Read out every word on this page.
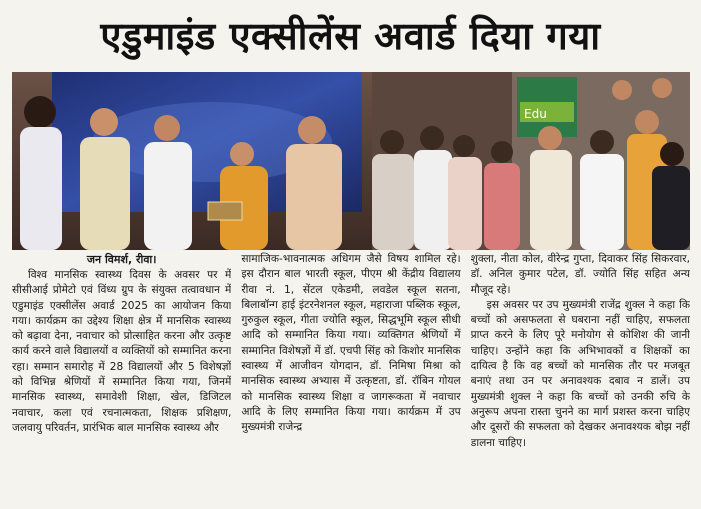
एडुमाइंड एक्सीलेंस अवार्ड दिया गया
Edu
जन विमर्श, रीवा।

विश्व मानसिक स्वास्थ्य दिवस के अवसर पर में सीसीआई प्रोमेटो एवं विंध्य ग्रुप के संयुक्त तत्वावधान में एडुमाइंड एक्सीलेंस अवार्ड 2025 का आयोजन किया गया। कार्यक्रम का उद्देश्य शिक्षा क्षेत्र में मानसिक स्वास्थ्य को बढ़ावा देना, नवाचार को प्रोत्साहित करना और उत्कृष्ट कार्य करने वाले विद्यालयों व व्यक्तियों को सम्मानित करना रहा। सम्मान समारोह में 28 विद्यालयों और 5 विशेषज्ञों को विभिन्न श्रेणियों में सम्मानित किया गया, जिनमें मानसिक स्वास्थ्य, समावेशी शिक्षा, खेल, डिजिटल नवाचार, कला एवं रचनात्मकता, शिक्षक प्रशिक्षण, जलवायु परिवर्तन, प्रारंभिक बाल मानसिक स्वास्थ्य और

सामाजिक-भावनात्मक अधिगम जैसे विषय शामिल रहे। इस दौरान बाल भारती स्कूल, पीएम श्री केंद्रीय विद्यालय रीवा नं. 1, सेंटल एकेडमी, लवडेल स्कूल सतना, बिलाबॉन्ग हाई इंटरनेशनल स्कूल, महाराजा पब्लिक स्कूल, गुरुकुल स्कूल, गीता ज्योति स्कूल, सिद्धभूमि स्कूल सीधी आदि को सम्मानित किया गया। व्यक्तिगत श्रेणियों में सम्मानित विशेषज्ञों में डॉ. एचपी सिंह को किशोर मानसिक स्वास्थ्य में आजीवन योगदान, डॉ. निमिषा मिश्रा को मानसिक स्वास्थ्य अभ्यास में उत्कृष्टता, डॉ. रॉबिन गोयल को मानसिक स्वास्थ्य शिक्षा व जागरूकता में नवाचार आदि के लिए सम्मानित किया गया। कार्यक्रम में उप मुख्यमंत्री राजेन्द्र

शुक्ला, नीता कोल, वीरेन्द्र गुप्ता, दिवाकर सिंह सिकरवार, डॉ. अनिल कुमार पटेल, डॉ. ज्योति सिंह सहित अन्य मौजूद रहे।

इस अवसर पर उप मुख्यमंत्री राजेंद्र शुक्ल ने कहा कि बच्चों को असफलता से घबराना नहीं चाहिए, सफलता प्राप्त करने के लिए पूरे मनोयोग से कोशिश की जानी चाहिए। उन्होंने कहा कि अभिभावकों व शिक्षकों का दायित्व है कि वह बच्चों को मानसिक तौर पर मजबूत बनाएं तथा उन पर अनावश्यक दबाव न डालें। उप मुख्यमंत्री शुक्ल ने कहा कि बच्चों को उनकी रुचि के अनुरूप अपना रास्ता चुनने का मार्ग प्रशस्त करना चाहिए और दूसरों की सफलता को देखकर अनावश्यक बोझ नहीं डालना चाहिए।
